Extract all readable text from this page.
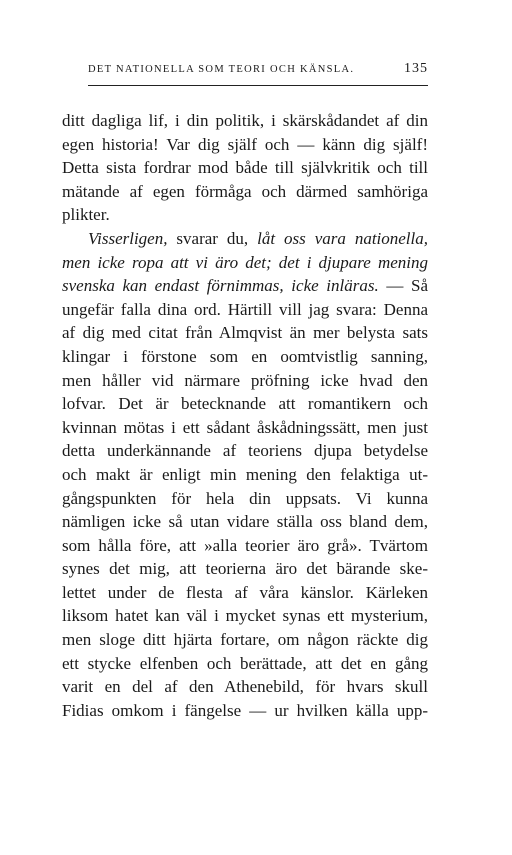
DET NATIONELLA SOM TEORI OCH KÄNSLA.	135
ditt dagliga lif, i din politik, i skärskådandet af din
egen historia! Var dig själf och — känn dig själf!
Detta sista fordrar mod både till självkritik och till
mätande af egen förmåga och därmed samhöriga
plikter.
Visserligen, svarar du, låt oss vara nationella,
men icke ropa att vi äro det; det i djupare mening
svenska kan endast förnimmas, icke inläras. — Så
ungefär falla dina ord. Härtill vill jag svara: Denna
af dig med citat från Almqvist än mer belysta sats
klingar i förstone som en oomtvistlig sanning,
men håller vid närmare pröfning icke hvad den
lofvar. Det är betecknande att romantikern och
kvinnan mötas i ett sådant åskådningssätt, men just
detta underkännande af teoriens djupa betydelse
och makt är enligt min mening den felaktiga ut-
gångspunkten för hela din uppsats. Vi kunna
nämligen icke så utan vidare ställa oss bland dem,
som hålla före, att »alla teorier äro grå». Tvärtom
synes det mig, att teorierna äro det bärande ske-
lettet under de flesta af våra känslor. Kärleken
liksom hatet kan väl i mycket synas ett mysterium,
men sloge ditt hjärta fortare, om någon räckte dig
ett stycke elfenben och berättade, att det en gång
varit en del af den Athenebild, för hvars skull
Fidias omkom i fängelse — ur hvilken källa upp-
